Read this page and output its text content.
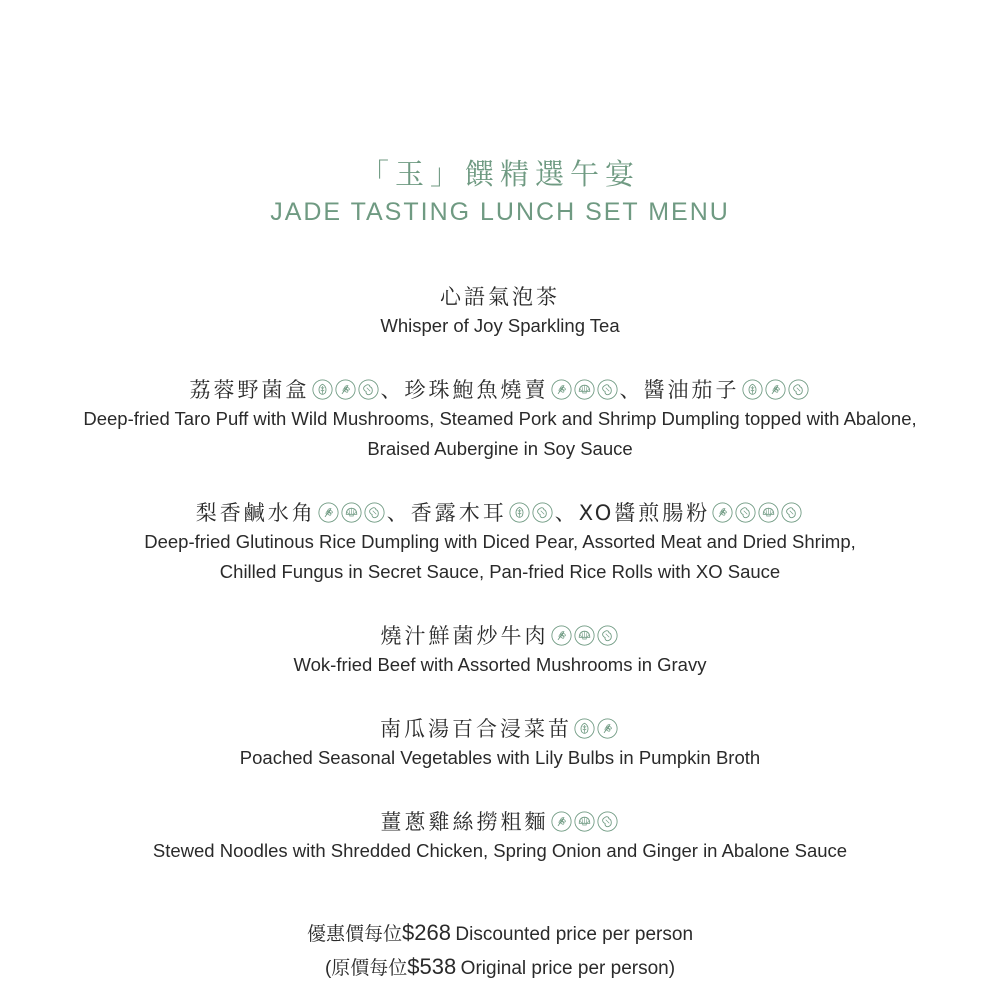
「玉」饌精選午宴
JADE TASTING LUNCH SET MENU
心語氣泡茶
Whisper of Joy Sparkling Tea
荔蓉野菌盒	、珍珠鮑魚燒賣	、醬油茄子
Deep-fried Taro Puff with Wild Mushrooms, Steamed Pork and Shrimp Dumpling topped with Abalone,
Braised Aubergine in Soy Sauce
梨香鹹水角	、香露木耳 、XO醬煎腸粉
Deep-fried Glutinous Rice Dumpling with Diced Pear, Assorted Meat and Dried Shrimp,
Chilled Fungus in Secret Sauce, Pan-fried Rice Rolls with XO Sauce
燒汁鮮菌炒牛肉
Wok-fried Beef with Assorted Mushrooms in Gravy
南瓜湯百合浸菜苗
Poached Seasonal Vegetables with Lily Bulbs in Pumpkin Broth
薑蔥雞絲撈粗麵
Stewed Noodles with Shredded Chicken, Spring Onion and Ginger in Abalone Sauce
優惠價每位$268 Discounted price per person
(原價每位$538 Original price per person)
